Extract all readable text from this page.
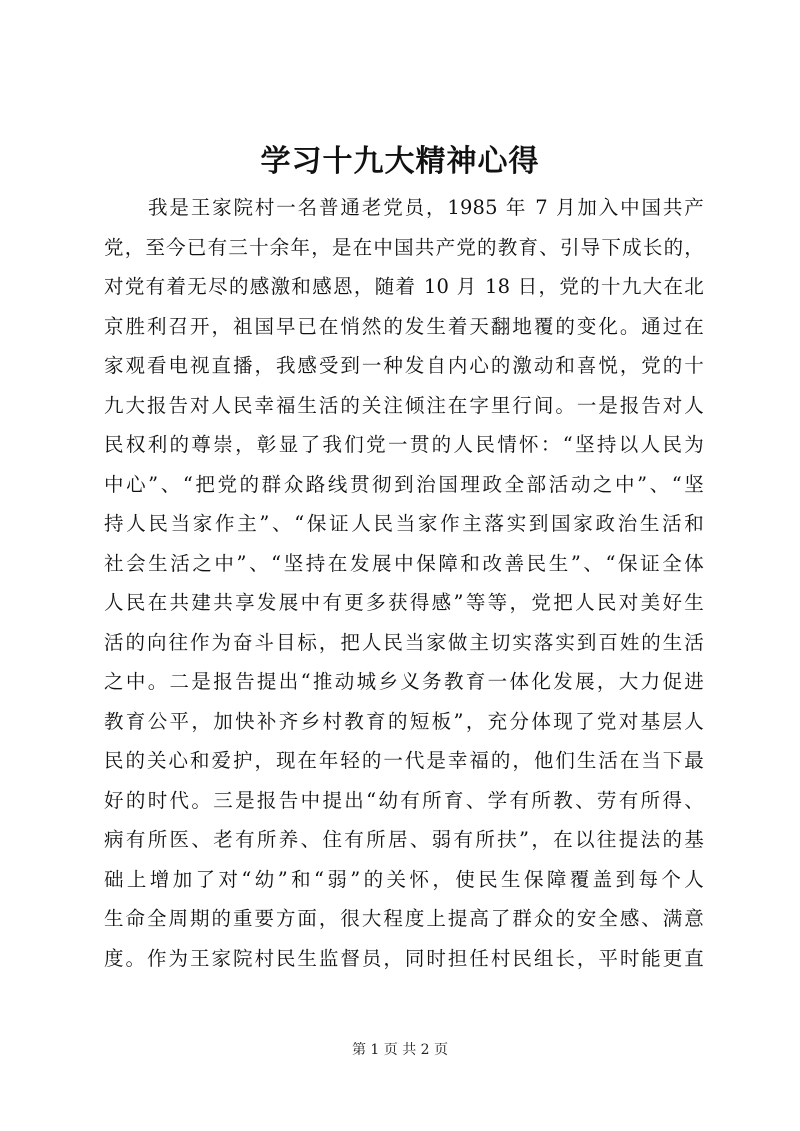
学习十九大精神心得
我是王家院村一名普通老党员，1985 年 7 月加入中国共产
党，至今已有三十余年，是在中国共产党的教育、引导下成长的，
对党有着无尽的感激和感恩，随着 10 月 18 日，党的十九大在北
京胜利召开，祖国早已在悄然的发生着天翻地覆的变化。通过在
家观看电视直播，我感受到一种发自内心的激动和喜悦，党的十
九大报告对人民幸福生活的关注倾注在字里行间。一是报告对人
民权利的尊崇，彰显了我们党一贯的人民情怀：“坚持以人民为
中心”、“把党的群众路线贯彻到治国理政全部活动之中”、“坚
持人民当家作主”、“保证人民当家作主落实到国家政治生活和
社会生活之中”、“坚持在发展中保障和改善民生”、“保证全体
人民在共建共享发展中有更多获得感”等等，党把人民对美好生
活的向往作为奋斗目标，把人民当家做主切实落实到百姓的生活
之中。二是报告提出“推动城乡义务教育一体化发展，大力促进
教育公平，加快补齐乡村教育的短板”，充分体现了党对基层人
民的关心和爱护，现在年轻的一代是幸福的，他们生活在当下最
好的时代。三是报告中提出“幼有所育、学有所教、劳有所得、
病有所医、老有所养、住有所居、弱有所扶”，在以往提法的基
础上增加了对“幼”和“弱”的关怀，使民生保障覆盖到每个人
生命全周期的重要方面，很大程度上提高了群众的安全感、满意
度。作为王家院村民生监督员，同时担任村民组长，平时能更直
第 1 页 共 2 页
